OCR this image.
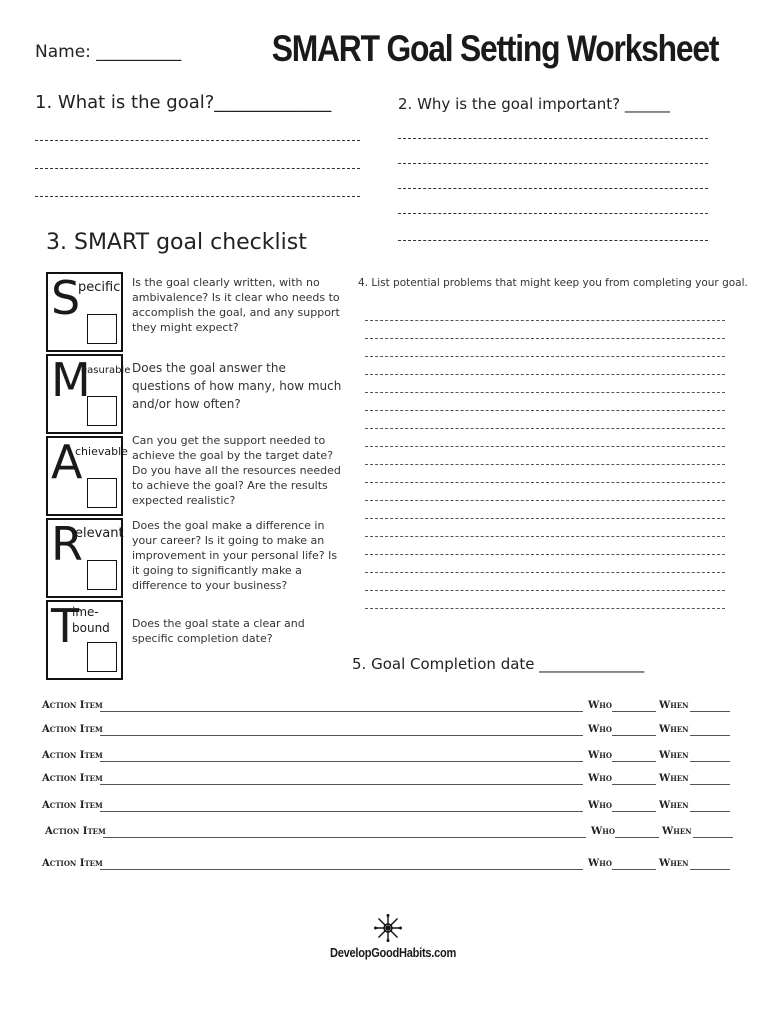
Name: __________ SMART Goal Setting Worksheet
1. What is the goal?_____________	2. Why is the goal important? ______
3. SMART goal checklist
S
pecific Is the goal clearly written, with no ambivalence? Is it clear who needs to accomplish the goal, and any support they might expect?
M
easurable Does the goal answer the questions of how many, how much and/or how often?
A
chievable
Can you get the support needed to achieve the goal by the target date? Do you have all the resources needed to achieve the goal? Are the results expected realistic?
R
elevant
Does the goal make a difference in your career? Is it going to make an improvement in your personal life? Is it going to significantly make a difference to your business?
T
ime-
bound Does the goal state a clear and specific completion date?
4. List potential problems that might keep you from completing your goal.
5. Goal Completion date ______________
Action Item	Who	When
Action Item	Who	When
Action Item	Who	When
Action Item	Who	When
Action Item	Who	When
Action Item	Who	When
Action Item	Who	When
DevelopGoodHabits.com
